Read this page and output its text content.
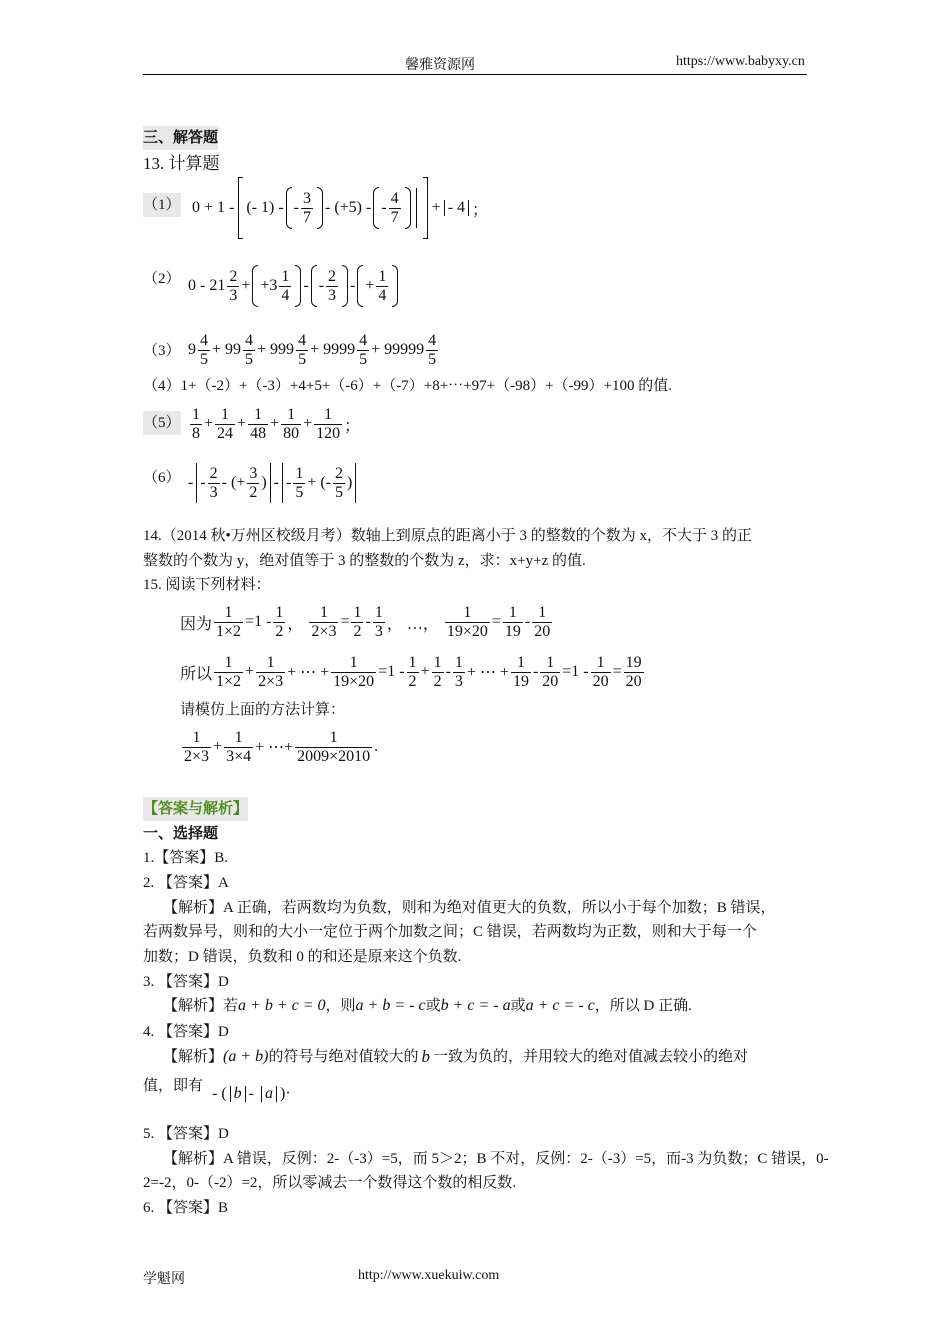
馨雅资源网	https://www.babyxy.cn
三、解答题
13. 计算题
（1） 0 + 1 - (- 1) - - $\frac{3}{7} - (+5)$ - - $\frac{4}{7}$ + - 4 ；
（2） $0 - 21 \frac{2}{3} + +3 \frac{1}{4}$ - - $\frac{2}{3}$ - + $\frac{1}{4}$
（3） $9 \frac{4}{5} + 99 \frac{4}{5} + 999 \frac{4}{5} + 9999 \frac{4}{5} + 99999 \frac{4}{5}$
（4）1+（-2）+（-3）+4+5+（-6）+（-7）+8+⋯+97+（-98）+（-99）+100 的值.
$(5) \frac{1}{8} + \frac{1}{24} + \frac{1}{48} + \frac{1}{80} + \frac{1}{120}$ ；
（6） - - $\frac{2}{3}$ - (+ $\frac{3}{2}$ ) - - $\frac{1}{5}$ + (- $\frac{2}{5}$ )
14.（2014 秋•万州区校级月考）数轴上到原点的距离小于 3 的整数的个数为 x，不大于 3 的正
整数的个数为 y，绝对值等于 3 的整数的个数为 z，求：x+y+z 的值.
15. 阅读下列材料：
因为 $\frac{1}{1\times 2} =1 - \frac{1}{2}$ ， $\frac{1}{2\times 3} = \frac{1}{2} - \frac{1}{3}$ ， …， $\frac{1}{19\times 20} = \frac{1}{19} - \frac{1}{20}$
所以 $\frac{1}{1\times 2} + \frac{1}{2\times 3}$ + ⋯ + $\frac{1}{19\times 20} =1 - \frac{1}{2} + \frac{1}{2} - \frac{1}{3}$ + ⋯ + $\frac{1}{19} - \frac{1}{20} =1 - \frac{1}{20} = \frac{19}{20}$
请模仿上面的方法计算：
$\frac{1}{2\times 3} + \frac{1}{3\times 4}$ + ⋯+ $\frac{1}{2009\times 2010}$ .
【答案与解析】
一、选择题
1.【答案】B.
2. 【答案】A
【解析】A 正确，若两数均为负数，则和为绝对值更大的负数，所以小于每个加数；B 错误，
若两数异号，则和的大小一定位于两个加数之间；C 错误，若两数均为正数，则和大于每一个
加数；D 错误，负数和 0 的和还是原来这个负数.
3. 【答案】D
【解析】若 a + b + c = 0 ，则 a + b = - c 或 b + c = - a 或 a + c = - c ，所以 D 正确.
4. 【答案】D
【解析】 (a + b) 的符号与绝对值较大的 b 一致为负的，并用较大的绝对值减去较小的绝对
值，即有 - ( b - a ) ·
5. 【答案】D
【解析】A 错误，反例：2-（-3）=5，而 5＞2；B 不对，反例：2-（-3）=5，而-3 为负数；C 错误，0-
2=-2，0-（-2）=2，所以零减去一个数得这个数的相反数.
6. 【答案】B
学魁网	http://www.xuekuiw.com
